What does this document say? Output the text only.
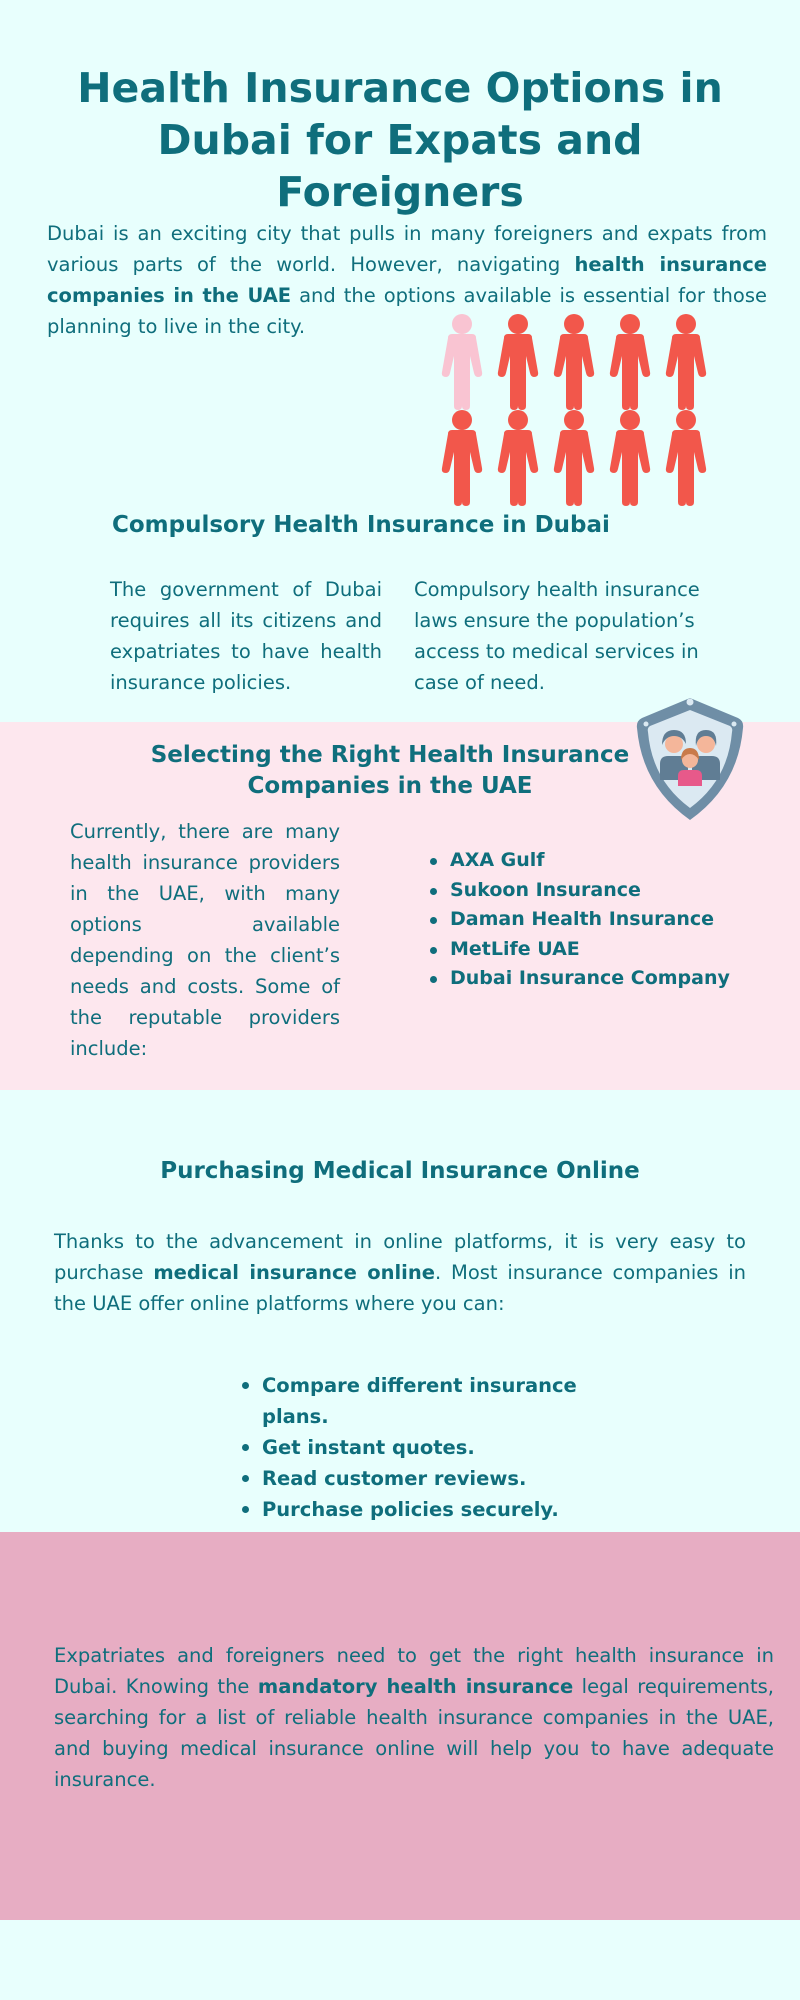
Health Insurance Options in Dubai for Expats and Foreigners

Dubai is an exciting city that pulls in many foreigners and expats from various parts of the world. However, navigating health insurance companies in the UAE and the options available is essential for those planning to live in the city.

Compulsory Health Insurance in Dubai

The government of Dubai requires all its citizens and expatriates to have health insurance policies.

Compulsory health insurance laws ensure the population’s access to medical services in case of need.

Selecting the Right Health Insurance Companies in the UAE

Currently, there are many health insurance providers in the UAE, with many options available depending on the client’s needs and costs. Some of the reputable providers include:

AXA Gulf
Sukoon Insurance
Daman Health Insurance
MetLife UAE
Dubai Insurance Company
Purchasing Medical Insurance Online

Thanks to the advancement in online platforms, it is very easy to purchase medical insurance online. Most insurance companies in the UAE offer online platforms where you can:

Compare different insurance plans.
Get instant quotes.
Read customer reviews.
Purchase policies securely.

Expatriates and foreigners need to get the right health insurance in Dubai. Knowing the mandatory health insurance legal requirements, searching for a list of reliable health insurance companies in the UAE, and buying medical insurance online will help you to have adequate insurance.
